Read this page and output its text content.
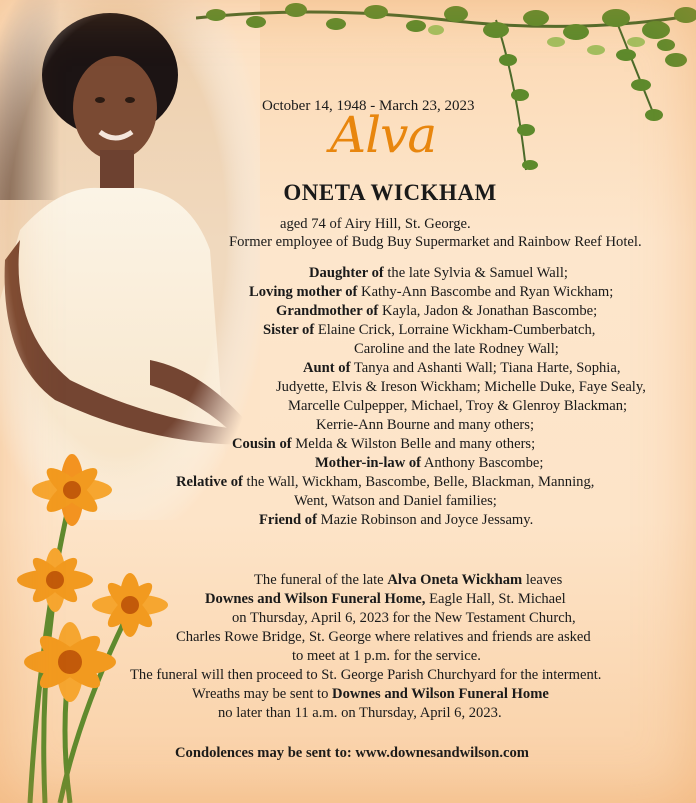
October 14, 1948 - March 23, 2023
Alva
ONETA WICKHAM
aged 74 of Airy Hill, St. George.
Former employee of Budg Buy Supermarket and Rainbow Reef Hotel.
Daughter of the late Sylvia & Samuel Wall;
Loving mother of Kathy-Ann Bascombe and Ryan Wickham;
Grandmother of Kayla, Jadon & Jonathan Bascombe;
Sister of Elaine Crick, Lorraine Wickham-Cumberbatch,
Caroline and the late Rodney Wall;
Aunt of Tanya and Ashanti Wall; Tiana Harte, Sophia,
Judyette, Elvis & Ireson Wickham; Michelle Duke, Faye Sealy,
Marcelle Culpepper, Michael, Troy & Glenroy Blackman;
Kerrie-Ann Bourne and many others;
Cousin of Melda & Wilston Belle and many others;
Mother-in-law of Anthony Bascombe;
Relative of the Wall, Wickham, Bascombe, Belle, Blackman, Manning,
Went, Watson and Daniel families;
Friend of Mazie Robinson and Joyce Jessamy.
The funeral of the late Alva Oneta Wickham leaves
Downes and Wilson Funeral Home, Eagle Hall, St. Michael
on Thursday, April 6, 2023 for the New Testament Church,
Charles Rowe Bridge, St. George where relatives and friends are asked
to meet at 1 p.m. for the service.
The funeral will then proceed to St. George Parish Churchyard for the interment.
Wreaths may be sent to Downes and Wilson Funeral Home
no later than 11 a.m. on Thursday, April 6, 2023.
Condolences may be sent to: www.downesandwilson.com
